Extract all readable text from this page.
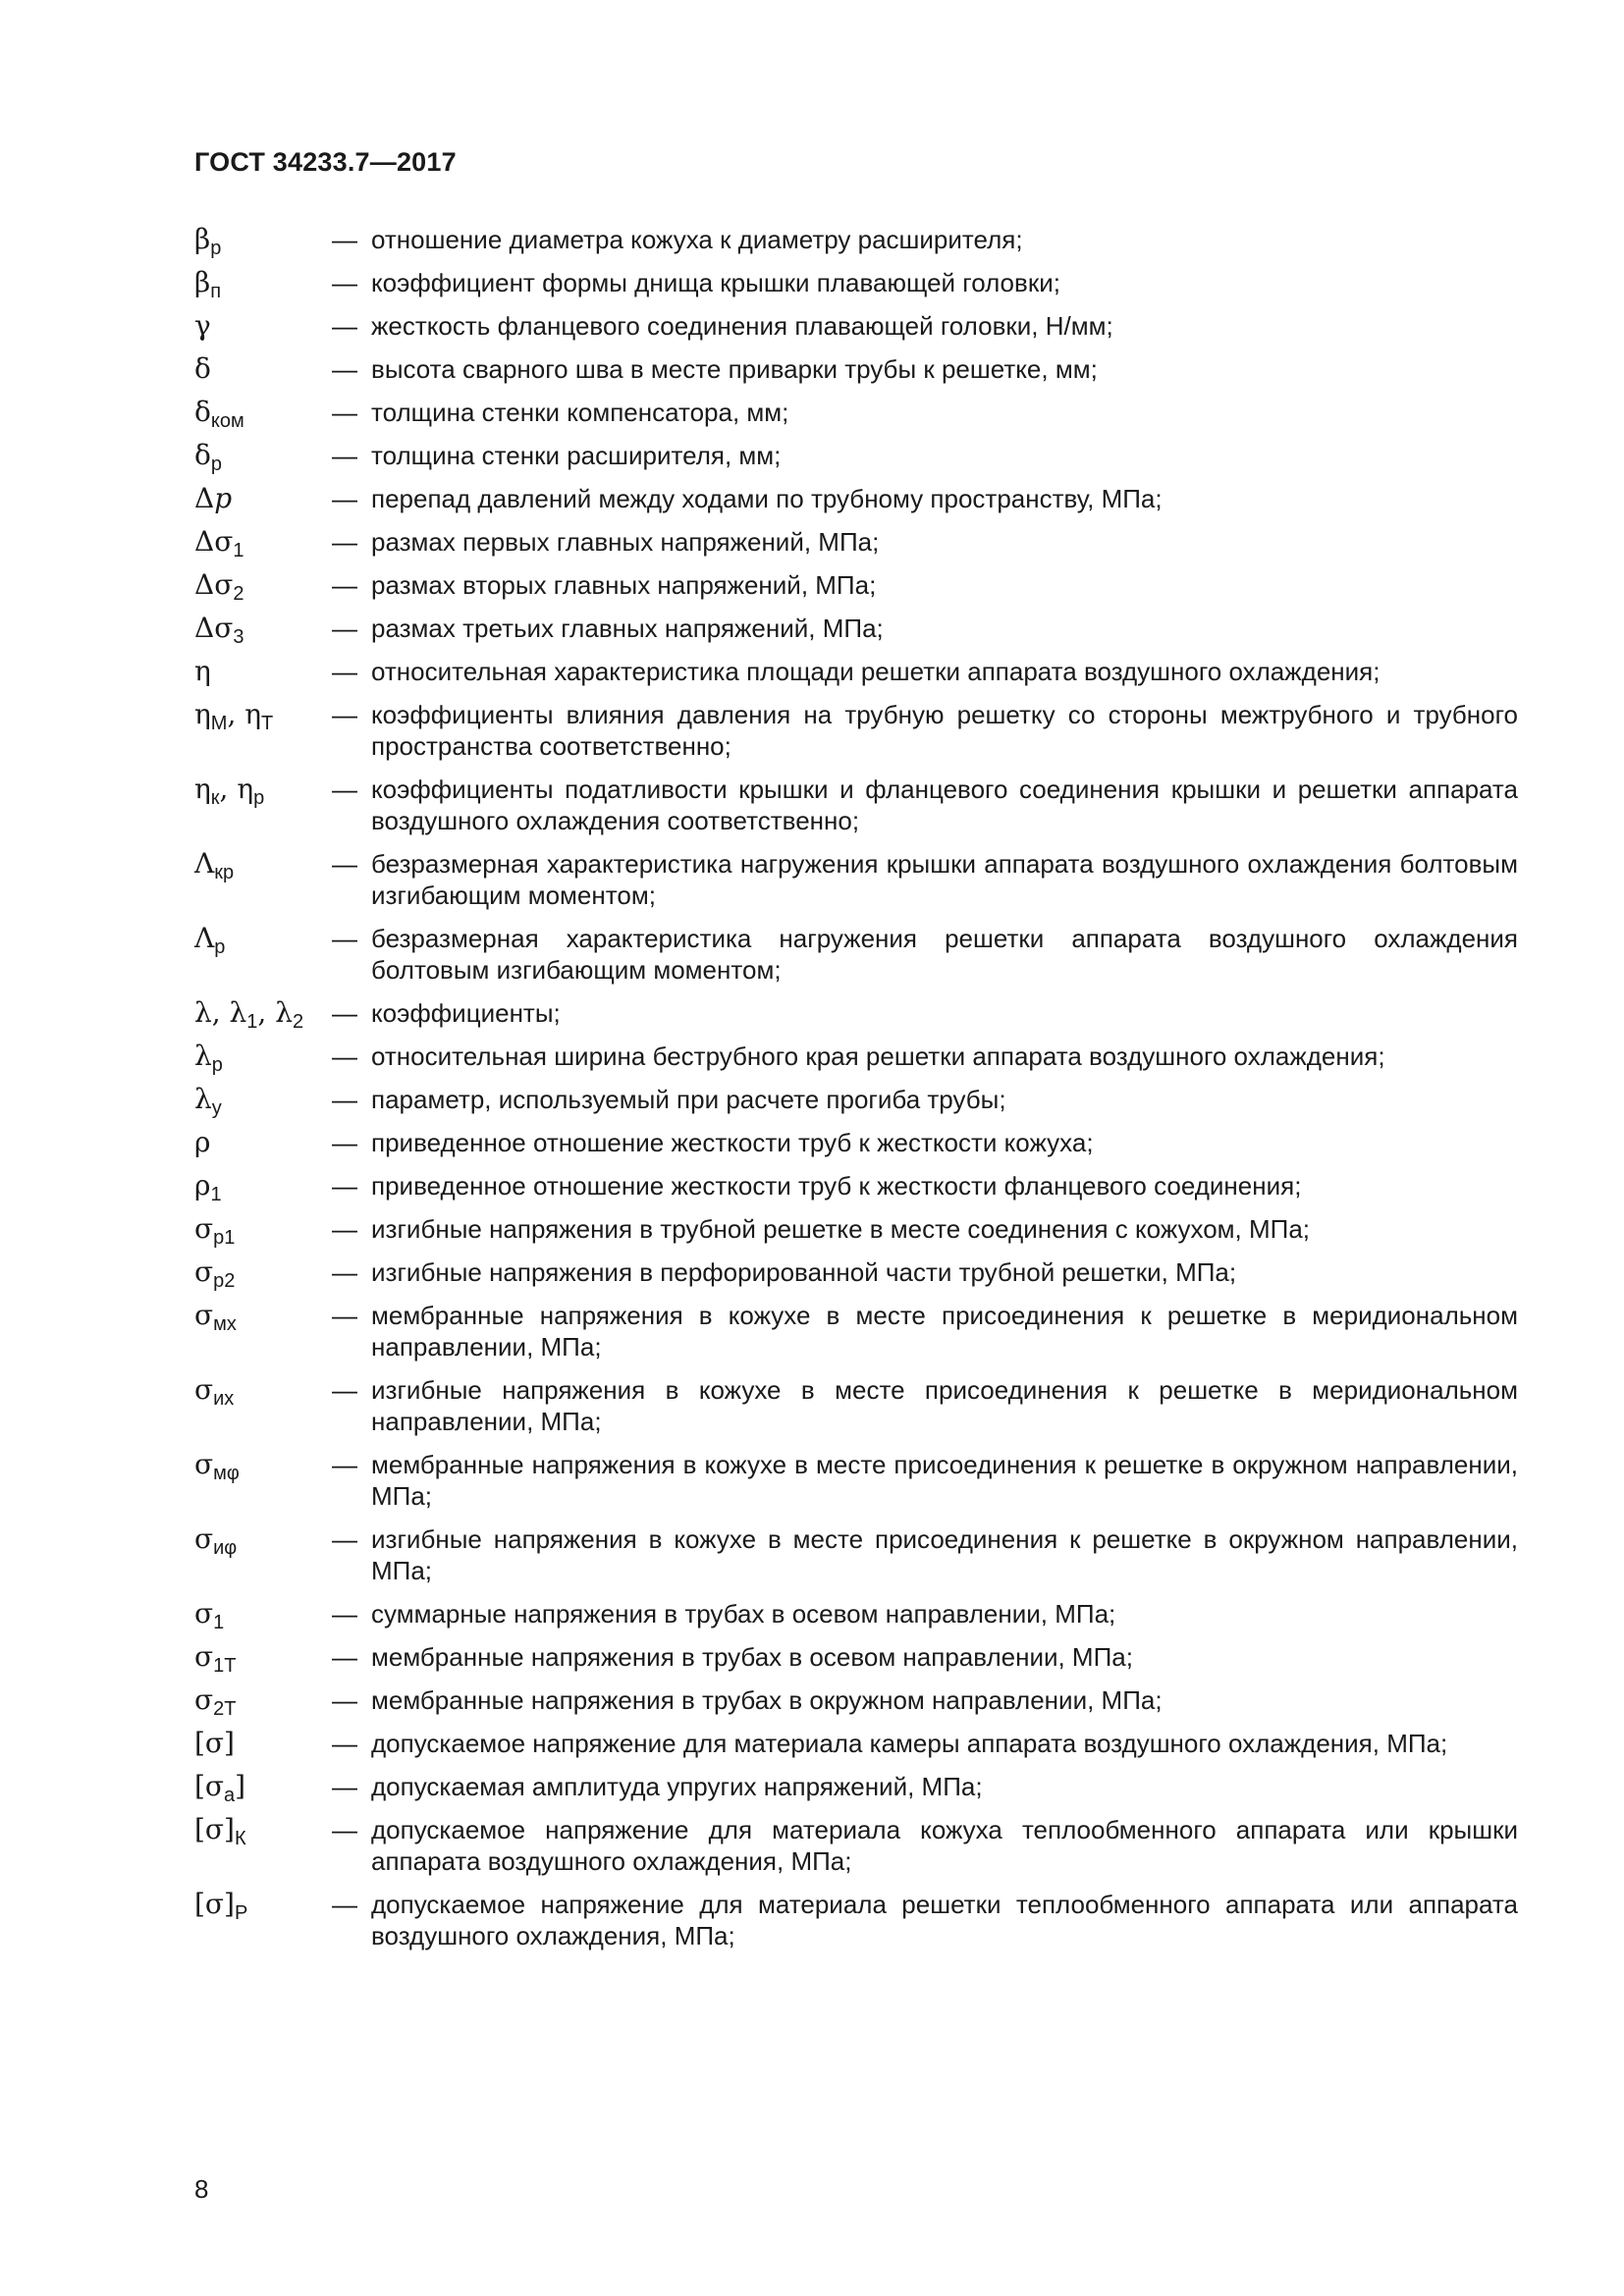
ГОСТ 34233.7—2017
$\beta_р$	— отношение диаметра кожуха к диаметру расширителя;
$\beta_п$	— коэффициент формы днища крышки плавающей головки;
γ	— жесткость фланцевого соединения плавающей головки, Н/мм;
δ	— высота сварного шва в месте приварки трубы к решетке, мм;
$\delta_{ком}$	— толщина стенки компенсатора, мм;
$\delta_р$	— толщина стенки расширителя, мм;
Δp	— перепад давлений между ходами по трубному пространству, МПа;
$\Delta\sigma_1$	— размах первых главных напряжений, МПа;
$\Delta\sigma_2$	— размах вторых главных напряжений, МПа;
$\Delta\sigma_3$	— размах третьих главных напряжений, МПа;
η	— относительная характеристика площади решетки аппарата воздушного охлаждения;
$\eta_М$, $\eta_Т$	— коэффициенты влияния давления на трубную решетку со стороны межтрубного и трубного пространства соответственно;
$\eta_к$, $\eta_р$	— коэффициенты податливости крышки и фланцевого соединения крышки и решетки аппарата воздушного охлаждения соответственно;
$\Lambda_{кр}$	— безразмерная характеристика нагружения крышки аппарата воздушного охлаждения болтовым изгибающим моментом;
$\Lambda_р$	— безразмерная характеристика нагружения решетки аппарата воздушного охлаждения болтовым изгибающим моментом;
λ, $\lambda_1$, $\lambda_2$	— коэффициенты;
$\lambda_р$	— относительная ширина беструбного края решетки аппарата воздушного охлаждения;
$\lambda_у$	— параметр, используемый при расчете прогиба трубы;
ρ	— приведенное отношение жесткости труб к жесткости кожуха;
$\rho_1$	— приведенное отношение жесткости труб к жесткости фланцевого соединения;
$\sigma_{р1}$	— изгибные напряжения в трубной решетке в месте соединения с кожухом, МПа;
$\sigma_{р2}$	— изгибные напряжения в перфорированной части трубной решетки, МПа;
$\sigma_{мх}$	— мембранные напряжения в кожухе в месте присоединения к решетке в меридиональном направлении, МПа;
$\sigma_{их}$	— изгибные напряжения в кожухе в месте присоединения к решетке в меридиональном направлении, МПа;
$\sigma_{м\varphi}$	— мембранные напряжения в кожухе в месте присоединения к решетке в окружном направлении, МПа;
$\sigma_{и\varphi}$	— изгибные напряжения в кожухе в месте присоединения к решетке в окружном направлении, МПа;
$\sigma_1$	— суммарные напряжения в трубах в осевом направлении, МПа;
$\sigma_{1Т}$	— мембранные напряжения в трубах в осевом направлении, МПа;
$\sigma_{2Т}$	— мембранные напряжения в трубах в окружном направлении, МПа;
[σ]	— допускаемое напряжение для материала камеры аппарата воздушного охлаждения, МПа;
$[\sigma_а]$	— допускаемая амплитуда упругих напряжений, МПа;
$[\sigma]_К$	— допускаемое напряжение для материала кожуха теплообменного аппарата или крышки аппарата воздушного охлаждения, МПа;
$[\sigma]_Р$	— допускаемое напряжение для материала решетки теплообменного аппарата или аппарата воздушного охлаждения, МПа;
8
